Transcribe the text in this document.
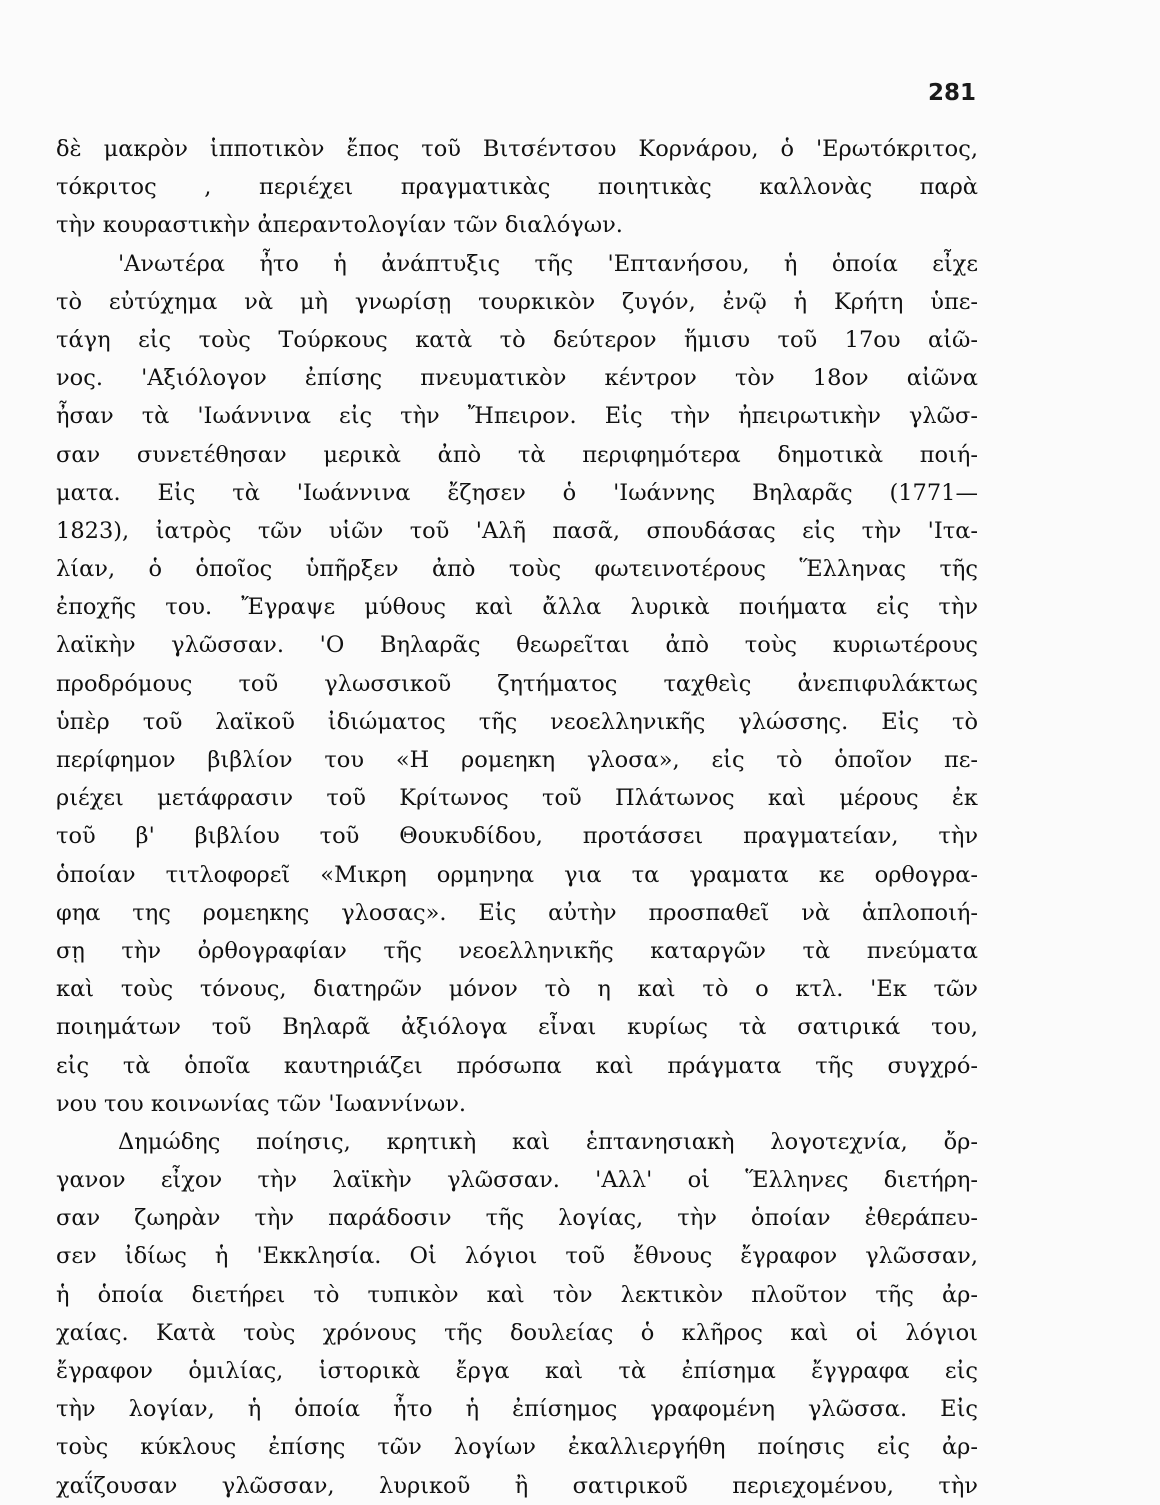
281
δὲ μακρὸν ἱπποτικὸν ἔπος τοῦ Βιτσέντσου Κορνάρου, ὁ 'Ερωτόκριτος,
τόκριτος , περιέχει πραγματικὰς ποιητικὰς καλλονὰς παρὰ
τὴν κουραστικὴν ἀπεραντολογίαν τῶν διαλόγων.
'Ανωτέρα ἦτο ἡ ἀνάπτυξις τῆς 'Επτανήσου, ἡ ὁποία εἶχε
τὸ εὐτύχημα νὰ μὴ γνωρίσῃ τουρκικὸν ζυγόν, ἐνῷ ἡ Κρήτη ὑπε-
τάγη εἰς τοὺς Τούρκους κατὰ τὸ δεύτερον ἥμισυ τοῦ 17ου αἰῶ-
νος. 'Αξιόλογον ἐπίσης πνευματικὸν κέντρον τὸν 18ον αἰῶνα
ἦσαν τὰ 'Ιωάννινα εἰς τὴν Ἤπειρον. Εἰς τὴν ἠπειρωτικὴν γλῶσ-
σαν συνετέθησαν μερικὰ ἀπὸ τὰ περιφημότερα δημοτικὰ ποιή-
ματα. Εἰς τὰ 'Ιωάννινα ἔζησεν ὁ 'Ιωάννης Βηλαρᾶς (1771—
1823), ἰατρὸς τῶν υἱῶν τοῦ 'Αλῆ πασᾶ, σπουδάσας εἰς τὴν 'Ιτα-
λίαν, ὁ ὁποῖος ὑπῆρξεν ἀπὸ τοὺς φωτεινοτέρους Ἕλληνας τῆς
ἐποχῆς του. Ἔγραψε μύθους καὶ ἄλλα λυρικὰ ποιήματα εἰς τὴν
λαϊκὴν γλῶσσαν. 'Ο Βηλαρᾶς θεωρεῖται ἀπὸ τοὺς κυριωτέρους
προδρόμους τοῦ γλωσσικοῦ ζητήματος ταχθεὶς ἀνεπιφυλάκτως
ὑπὲρ τοῦ λαϊκοῦ ἰδιώματος τῆς νεοελληνικῆς γλώσσης. Εἰς τὸ
περίφημον βιβλίον του «Η ρομεηκη γλοσα», εἰς τὸ ὁποῖον πε-
ριέχει μετάφρασιν τοῦ Κρίτωνος τοῦ Πλάτωνος καὶ μέρους ἐκ
τοῦ β' βιβλίου τοῦ Θουκυδίδου, προτάσσει πραγματείαν, τὴν
ὁποίαν τιτλοφορεῖ «Μικρη ορμηνηα για τα γραματα κε ορθογρα-
φηα της ρομεηκης γλοσας». Εἰς αὐτὴν προσπαθεῖ νὰ ἁπλοποιή-
σῃ τὴν ὀρθογραφίαν τῆς νεοελληνικῆς καταργῶν τὰ πνεύματα
καὶ τοὺς τόνους, διατηρῶν μόνον τὸ η καὶ τὸ ο κτλ. 'Εκ τῶν
ποιημάτων τοῦ Βηλαρᾶ ἀξιόλογα εἶναι κυρίως τὰ σατιρικά του,
εἰς τὰ ὁποῖα καυτηριάζει πρόσωπα καὶ πράγματα τῆς συγχρό-
νου του κοινωνίας τῶν 'Ιωαννίνων.
Δημώδης ποίησις, κρητικὴ καὶ ἑπτανησιακὴ λογοτεχνία, ὄρ-
γανον εἶχον τὴν λαϊκὴν γλῶσσαν. 'Αλλ' οἱ Ἕλληνες διετήρη-
σαν ζωηρὰν τὴν παράδοσιν τῆς λογίας, τὴν ὁποίαν ἐθεράπευ-
σεν ἰδίως ἡ 'Εκκλησία. Οἱ λόγιοι τοῦ ἔθνους ἔγραφον γλῶσσαν,
ἡ ὁποία διετήρει τὸ τυπικὸν καὶ τὸν λεκτικὸν πλοῦτον τῆς ἀρ-
χαίας. Κατὰ τοὺς χρόνους τῆς δουλείας ὁ κλῆρος καὶ οἱ λόγιοι
ἔγραφον ὁμιλίας, ἱστορικὰ ἔργα καὶ τὰ ἐπίσημα ἔγγραφα εἰς
τὴν λογίαν, ἡ ὁποία ἦτο ἡ ἐπίσημος γραφομένη γλῶσσα. Εἰς
τοὺς κύκλους ἐπίσης τῶν λογίων ἐκαλλιεργήθη ποίησις εἰς ἀρ-
χαΐζουσαν γλῶσσαν, λυρικοῦ ἢ σατιρικοῦ περιεχομένου, τὴν
